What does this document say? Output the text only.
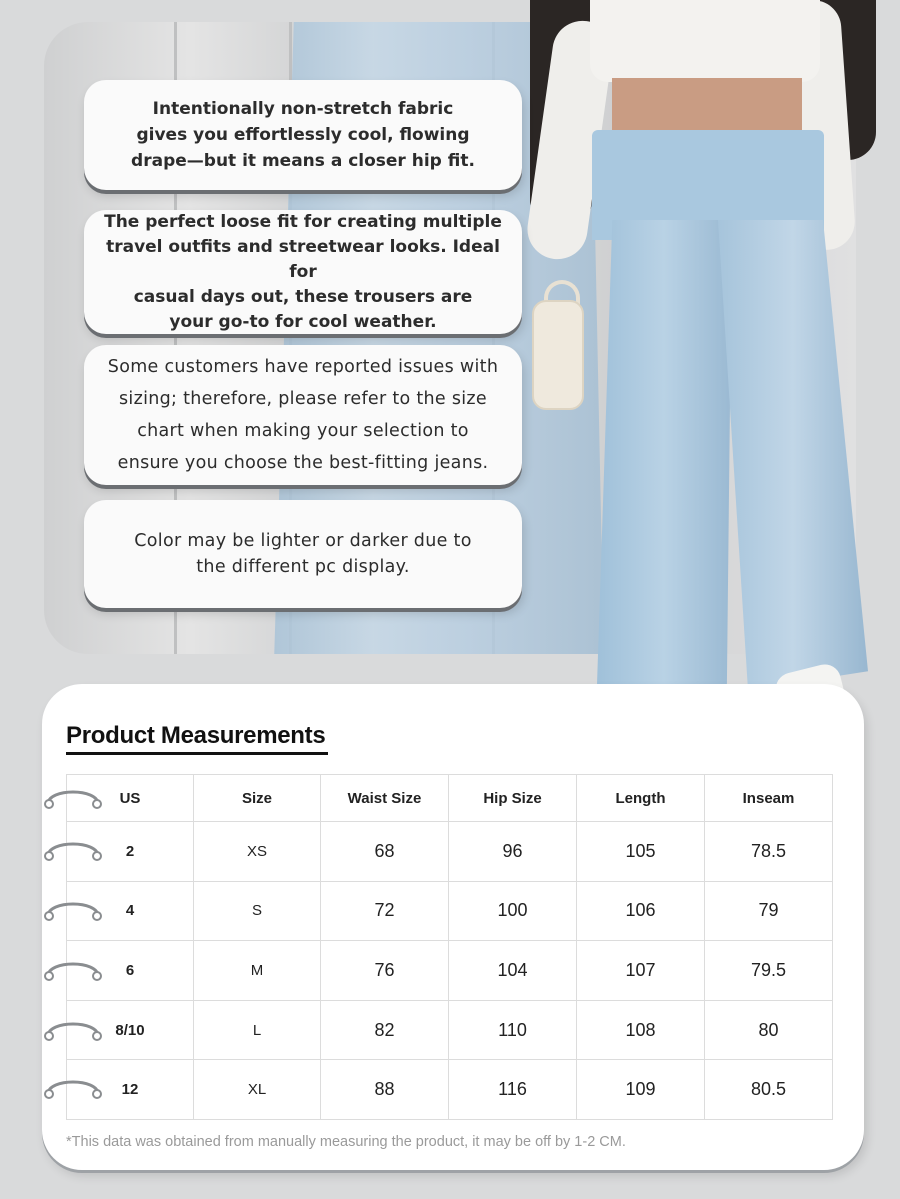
Intentionally non-stretch fabric
gives you effortlessly cool, flowing
drape—but it means a closer hip fit.
The perfect loose fit for creating multiple
travel outfits and streetwear looks. Ideal for
casual days out, these trousers are
your go-to for cool weather.
Some customers have reported issues with
sizing; therefore, please refer to the size
chart when making your selection to
ensure you choose the best-fitting jeans.
Color may be lighter or darker due to
the different pc display.
Product Measurements
US	Size	Waist Size	Hip Size	Length	Inseam
2	XS	68	96	105	78.5
4	S	72	100	106	79
6	M	76	104	107	79.5
8/10	L	82	110	108	80
12	XL	88	116	109	80.5
*This data was obtained from manually measuring the product, it may be off by 1-2 CM.
